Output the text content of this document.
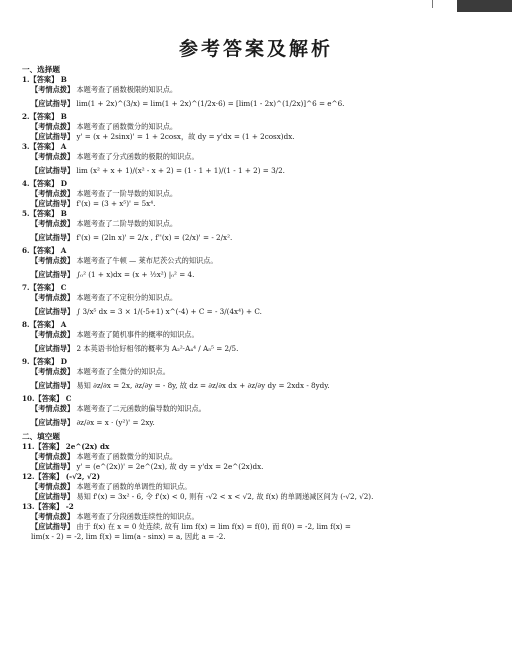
参考答案及解析
一、选择题
1.【答案】 B
【考情点拨】 本题考查了函数极限的知识点。
【应试指导】 lim(1 + 2x)^(3/x) = lim(1 + 2x)^(1/2x·6) = [lim(1 - 2x)^(1/2x)]^6 = e^6.
2.【答案】 B
【考情点拨】 本题考查了函数微分的知识点。
【应试指导】 y' = (x + 2sinx)' = 1 + 2cosx，故 dy = y'dx = (1 + 2cosx)dx.
3.【答案】 A
【考情点拨】 本题考查了分式函数的极限的知识点。
【应试指导】 lim (x² + x + 1)/(x² - x + 2) = (1 - 1 + 1)/(1 - 1 + 2) = 3/2.
4.【答案】 D
【考情点拨】 本题考查了一阶导数的知识点。
【应试指导】 f'(x) = (3 + x⁵)' = 5x⁴.
5.【答案】 B
【考情点拨】 本题考查了二阶导数的知识点。
【应试指导】 f'(x) = (2ln x)' = 2/x , f''(x) = (2/x)' = - 2/x².
6.【答案】 A
【考情点拨】 本题考查了牛顿 — 莱布尼茨公式的知识点。
【应试指导】 ∫₀² (1 + x)dx = (x + ½x²) |₀² = 4.
7.【答案】 C
【考情点拨】 本题考查了不定积分的知识点。
【应试指导】 ∫ 3/x⁵ dx = 3 × 1/(-5+1) x^(-4) + C = - 3/(4x⁴) + C.
8.【答案】 A
【考情点拨】 本题考查了随机事件的概率的知识点。
【应试指导】 2 本英语书恰好相邻的概率为 A₂²·A₄⁴ / A₅⁵ = 2/5.
9.【答案】 D
【考情点拨】 本题考查了全微分的知识点。
【应试指导】 易知 ∂z/∂x = 2x, ∂z/∂y = - 8y, 故 dz = ∂z/∂x dx + ∂z/∂y dy = 2xdx - 8ydy.
10.【答案】 C
【考情点拨】 本题考查了二元函数的偏导数的知识点。
【应试指导】 ∂z/∂x = x · (y²)' = 2xy.
二、填空题
11.【答案】 2e^(2x) dx
【考情点拨】 本题考查了函数微分的知识点。
【应试指导】 y' = (e^(2x))' = 2e^(2x), 故 dy = y'dx = 2e^(2x)dx.
12.【答案】 (-√2, √2)
【考情点拨】 本题考查了函数的单调性的知识点。
【应试指导】 易知 f'(x) = 3x² - 6, 令 f'(x) < 0, 则有 -√2 < x < √2, 故 f(x) 的单调递减区间为 (-√2, √2).
13.【答案】 -2
【考情点拨】 本题考查了分段函数连续性的知识点。
【应试指导】 由于 f(x) 在 x = 0 处连续, 故有 lim f(x) = lim f(x) = f(0), 而 f(0) = -2, lim f(x) =
lim(x - 2) = -2, lim f(x) = lim(a - sinx) = a, 因此 a = -2.
